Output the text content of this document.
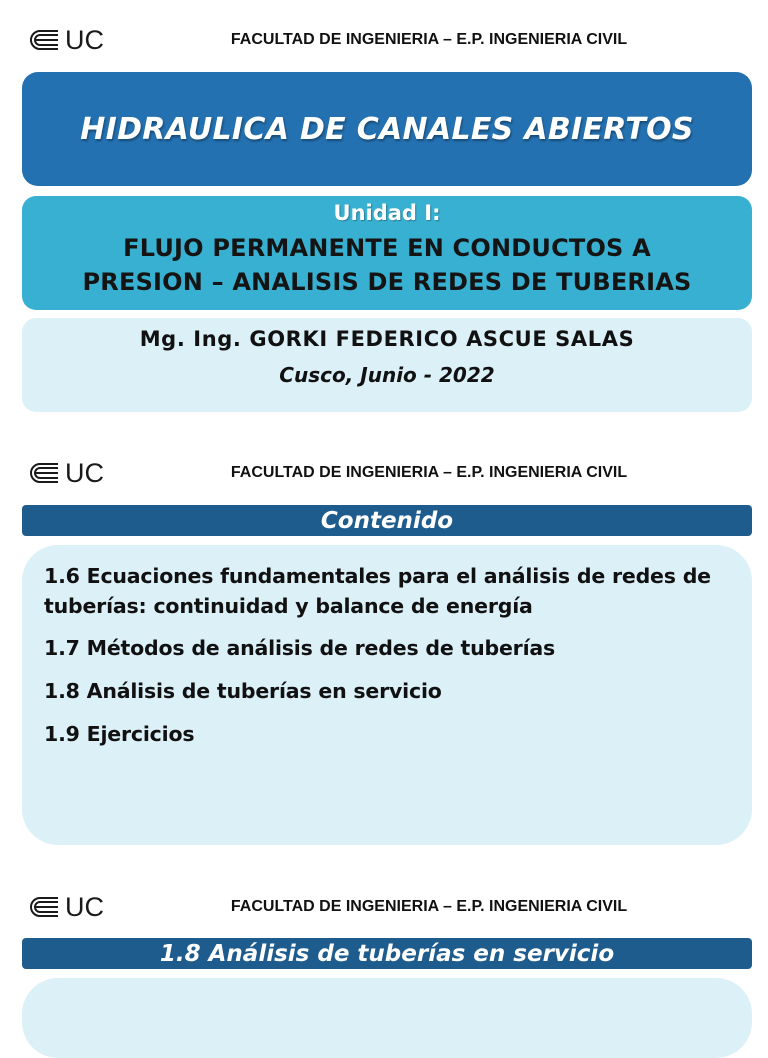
UC	FACULTAD DE INGENIERIA – E.P. INGENIERIA CIVIL
HIDRAULICA DE CANALES ABIERTOS
Unidad I:
FLUJO PERMANENTE EN CONDUCTOS A
PRESION – ANALISIS DE REDES DE TUBERIAS
Mg. Ing. GORKI FEDERICO ASCUE SALAS
Cusco, Junio - 2022
UC	FACULTAD DE INGENIERIA – E.P. INGENIERIA CIVIL
Contenido
1.6 Ecuaciones fundamentales para el análisis de redes de tuberías: continuidad y balance de energía
1.7 Métodos de análisis de redes de tuberías
1.8 Análisis de tuberías en servicio
1.9 Ejercicios
UC	FACULTAD DE INGENIERIA – E.P. INGENIERIA CIVIL
1.8 Análisis de tuberías en servicio
